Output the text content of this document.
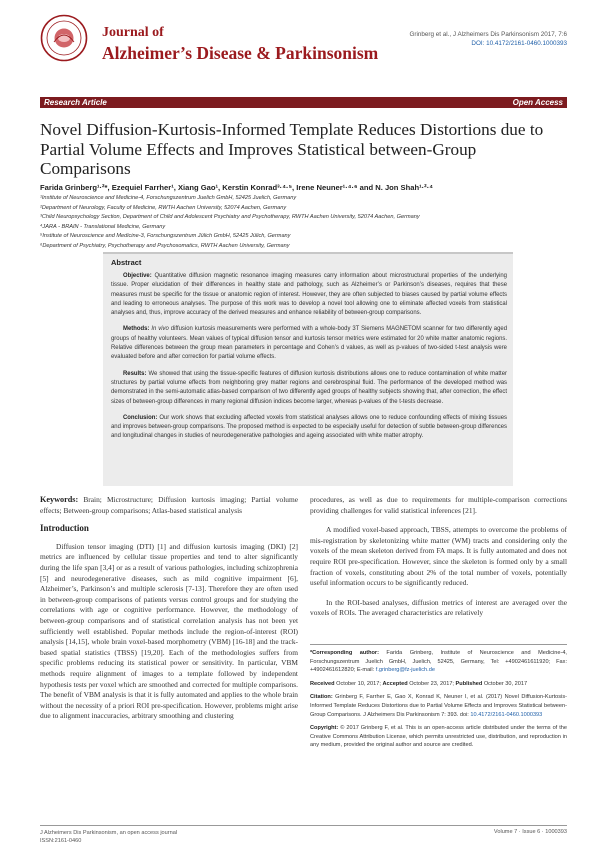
Journal of
Alzheimer’s Disease & Parkinsonism
Grinberg et al., J Alzheimers Dis Parkinsonism 2017, 7:6
DOI: 10.4172/2161-0460.1000393
Research Article	Open Access
Novel Diffusion-Kurtosis-Informed Template Reduces Distortions due to Partial Volume Effects and Improves Statistical between-Group Comparisons
Farida Grinberg¹·²*, Ezequiel Farrher¹, Xiang Gao¹, Kerstin Konrad³·⁴·⁵, Irene Neuner¹·⁴·⁶ and N. Jon Shah¹·²·⁴
¹Institute of Neuroscience and Medicine-4, Forschungszentrum Juelich GmbH, 52425 Juelich, Germany
²Department of Neurology, Faculty of Medicine, RWTH Aachen University, 52074 Aachen, Germany
³Child Neuropsychology Section, Department of Child and Adolescent Psychiatry and Psychotherapy, RWTH Aachen University, 52074 Aachen, Germany
⁴JARA - BRAIN - Translational Medicine, Germany
⁵Institute of Neuroscience and Medicine-3, Forschungszentrum Jülich GmbH, 52425 Jülich, Germany
⁶Department of Psychiatry, Psychotherapy and Psychosomatics, RWTH Aachen University, Germany
Abstract

Objective: Quantitative diffusion magnetic resonance imaging measures carry information about microstructural properties of the underlying tissue. Proper elucidation of their differences in healthy state and pathology, such as Alzheimer’s or Parkinson’s diseases, requires that these measures must be specific for the tissue or anatomic region of interest. However, they are often subjected to biases caused by partial volume effects and leading to erroneous analyses. The purpose of this work was to develop a novel tool allowing one to eliminate affected voxels from statistical analyses and, thus, improve accuracy of the derived measures and enhance reliability of between-group comparisons.

Methods: In vivo diffusion kurtosis measurements were performed with a whole-body 3T Siemens MAGNETOM scanner for two differently aged groups of healthy volunteers. Mean values of typical diffusion tensor and kurtosis tensor metrics were estimated for 20 white matter anatomic regions. Relative differences between the group mean parameters in percentage and Cohen’s d values, as well as p-values of two-sided t-test analysis were evaluated before and after correction for partial volume effects.

Results: We showed that using the tissue-specific features of diffusion kurtosis distributions allows one to reduce contamination of white matter structures by partial volume effects from neighboring grey matter regions and cerebrospinal fluid. The performance of the developed method was demonstrated in the semi-automatic atlas-based comparison of two differently aged groups of healthy subjects showing that, after correction, the effect sizes of between-group differences in many regional diffusion indices become larger, whereas p-values of the t-tests decrease.

Conclusion: Our work shows that excluding affected voxels from statistical analyses allows one to reduce confounding effects of mixing tissues and improves between-group comparisons. The proposed method is expected to be especially useful for detection of subtle between-group differences and longitudinal changes in studies of neurodegenerative pathologies and ageing associated with white matter atrophy.

Keywords: Brain; Microstructure; Diffusion kurtosis imaging; Partial volume effects; Between-group comparisons; Atlas-based statistical analysis

Introduction

Diffusion tensor imaging (DTI) [1] and diffusion kurtosis imaging (DKI) [2] metrics are influenced by cellular tissue properties and tend to alter significantly during the life span [3,4] or as a result of various pathologies, including schizophrenia [5] and neurodegenerative diseases, such as mild cognitive impairment [6], Alzheimer’s, Parkinson’s and multiple sclerosis [7-13]. Therefore they are often used in between-group comparisons of patients versus control groups and for studying the correlations with age or cognitive performance. However, the methodology of between-group comparisons and of statistical correlation analysis has not been yet sufficiently well established. Popular methods include the region-of-interest (ROI) analysis [14,15], whole brain voxel-based morphometry (VBM) [16-18] and the track-based spatial statistics (TBSS) [19,20]. Each of the methodologies suffers from specific problems reducing its statistical power or sensitivity. In particular, VBM methods require alignment of images to a template followed by independent hypothesis tests per voxel which are smoothed and corrected for multiple comparisons. The benefit of VBM analysis is that it is fully automated and applies to the whole brain without the necessity of a priori ROI pre-specification. However, problems might arise due to alignment inaccuracies, arbitrary smoothing and clustering

procedures, as well as due to requirements for multiple-comparison corrections providing challenges for valid statistical inferences [21].

A modified voxel-based approach, TBSS, attempts to overcome the problems of mis-registration by skeletonizing white matter (WM) tracts and considering only the voxels of the mean skeleton derived from FA maps. It is fully automated and does not require ROI pre-specification. However, since the skeleton is formed only by a small fraction of voxels, constituting about 2% of the total number of voxels, potentially useful information occurs to be significantly reduced.

In the ROI-based analyses, diffusion metrics of interest are averaged over the voxels of ROIs. The averaged characteristics are relatively

*Corresponding author: Farida Grinberg, Institute of Neuroscience and Medicine-4, Forschungszentrum Juelich GmbH, Juelich, 52425, Germany, Tel: +4902461611920; Fax: +4902461612820; E-mail: f.grinberg@fz-juelich.de

Received October 10, 2017; Accepted October 23, 2017; Published October 30, 2017

Citation: Grinberg F, Farrher E, Gao X, Konrad K, Neuner I, et al. (2017) Novel Diffusion-Kurtosis-Informed Template Reduces Distortions due to Partial Volume Effects and Improves Statistical between-Group Comparisons. J Alzheimers Dis Parkinsonism 7: 393. doi: 10.4172/2161-0460.1000393

Copyright: © 2017 Grinberg F, et al. This is an open-access article distributed under the terms of the Creative Commons Attribution License, which permits unrestricted use, distribution, and reproduction in any medium, provided the original author and source are credited.

J Alzheimers Dis Parkinsonism, an open access journal
ISSN:2161-0460
Volume 7 · Issue 6 · 1000393
